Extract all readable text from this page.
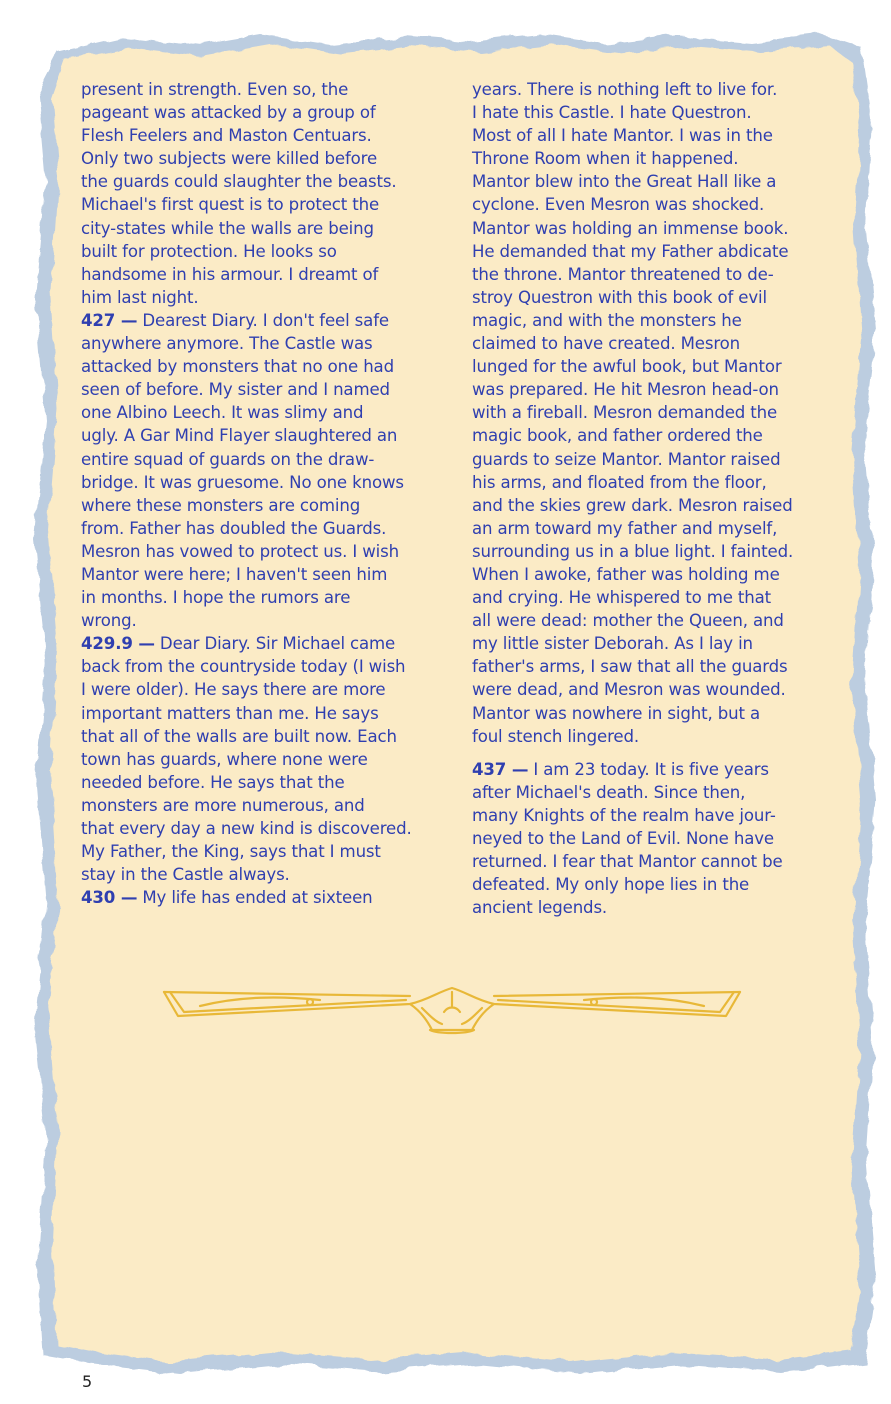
present in strength. Even so, the
pageant was attacked by a group of
Flesh Feelers and Maston Centuars.
Only two subjects were killed before
the guards could slaughter the beasts.
Michael's first quest is to protect the
city-states while the walls are being
built for protection. He looks so
handsome in his armour. I dreamt of
him last night.
427 — Dearest Diary. I don't feel safe
anywhere anymore. The Castle was
attacked by monsters that no one had
seen of before. My sister and I named
one Albino Leech. It was slimy and
ugly. A Gar Mind Flayer slaughtered an
entire squad of guards on the draw-
bridge. It was gruesome. No one knows
where these monsters are coming
from. Father has doubled the Guards.
Mesron has vowed to protect us. I wish
Mantor were here; I haven't seen him
in months. I hope the rumors are
wrong.
429.9 — Dear Diary. Sir Michael came
back from the countryside today (I wish
I were older). He says there are more
important matters than me. He says
that all of the walls are built now. Each
town has guards, where none were
needed before. He says that the
monsters are more numerous, and
that every day a new kind is discovered.
My Father, the King, says that I must
stay in the Castle always.
430 — My life has ended at sixteen
years. There is nothing left to live for.
I hate this Castle. I hate Questron.
Most of all I hate Mantor. I was in the
Throne Room when it happened.
Mantor blew into the Great Hall like a
cyclone. Even Mesron was shocked.
Mantor was holding an immense book.
He demanded that my Father abdicate
the throne. Mantor threatened to de-
stroy Questron with this book of evil
magic, and with the monsters he
claimed to have created. Mesron
lunged for the awful book, but Mantor
was prepared. He hit Mesron head-on
with a fireball. Mesron demanded the
magic book, and father ordered the
guards to seize Mantor. Mantor raised
his arms, and floated from the floor,
and the skies grew dark. Mesron raised
an arm toward my father and myself,
surrounding us in a blue light. I fainted.
When I awoke, father was holding me
and crying. He whispered to me that
all were dead: mother the Queen, and
my little sister Deborah. As I lay in
father's arms, I saw that all the guards
were dead, and Mesron was wounded.
Mantor was nowhere in sight, but a
foul stench lingered.
437 — I am 23 today. It is five years
after Michael's death. Since then,
many Knights of the realm have jour-
neyed to the Land of Evil. None have
returned. I fear that Mantor cannot be
defeated. My only hope lies in the
ancient legends.
5
